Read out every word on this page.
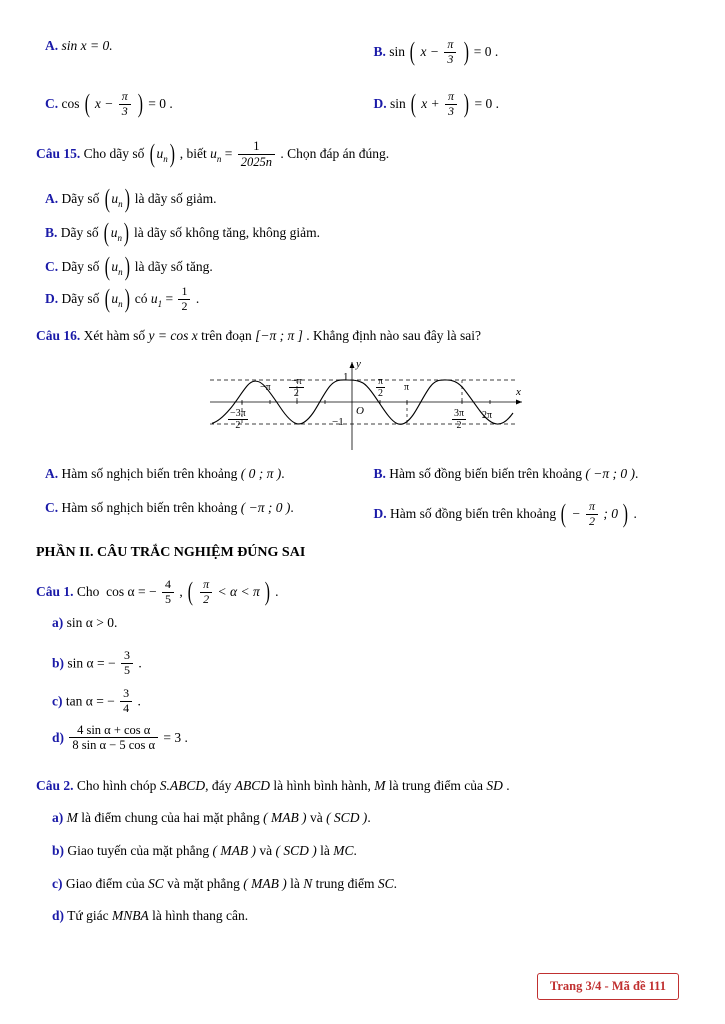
A. sin x = 0.	B. sin ( $x - \frac{\pi}{3}$ ) = 0 .
C. cos ( $x - \frac{\pi}{3}$ ) = 0 .	D. sin ( $x + \frac{\pi}{3}$ ) = 0 .
Câu 15. Cho dãy số ( $u_n$) , biết $u_n = \frac{1}{2025n}$ . Chọn đáp án đúng.
A. Dãy số ( $u_n$) là dãy số giảm.
B. Dãy số ( $u_n$) là dãy số không tăng, không giảm.
C. Dãy số ( $u_n$) là dãy số tăng.
D. Dãy số ( $u_n$) có $u_1 = \frac{1}{2}$ .
Câu 16. Xét hàm số y = cos x trên đoạn [−π ; π ] . Khẳng định nào sau đây là sai?
y
x
1
−1
O
$\frac{-3\pi}{2}$
$-\pi \frac{-\pi}{2}$	$\frac{\pi}{2}$ π
$\frac{3\pi}{2} 2\pi$
A. Hàm số nghịch biến trên khoảng ( 0 ; π ).	B. Hàm số đồng biến biến trên khoảng ( −π ; 0 ).
C. Hàm số nghịch biến trên khoảng ( −π ; 0 ).	D. Hàm số đồng biến trên khoảng ( − $\frac{\pi}{2}$ ; 0 ) .
PHẦN II. CÂU TRẮC NGHIỆM ĐÚNG SAI
Câu 1. Cho cos α = − $\frac{4}{5}$ , ( $\frac{\pi}{2} < \alpha < \pi$ ) .
a) sin α > 0.
b) sin α = − $\frac{3}{5}$ .
c) tan α = − $\frac{3}{4}$ .
$d) \frac{\text{4 sin α + cos α}}{\text{8 sin α − 5 cos α}} = 3$ .
Câu 2. Cho hình chóp S.ABCD, đáy ABCD là hình bình hành, M là trung điểm của SD .
a) M là điểm chung của hai mặt phẳng ( MAB ) và ( SCD ).
b) Giao tuyến của mặt phẳng ( MAB ) và ( SCD ) là MC.
c) Giao điểm của SC và mặt phẳng ( MAB ) là N trung điểm SC.
d) Tứ giác MNBA là hình thang cân.
Trang 3/4 - Mã đề 111
